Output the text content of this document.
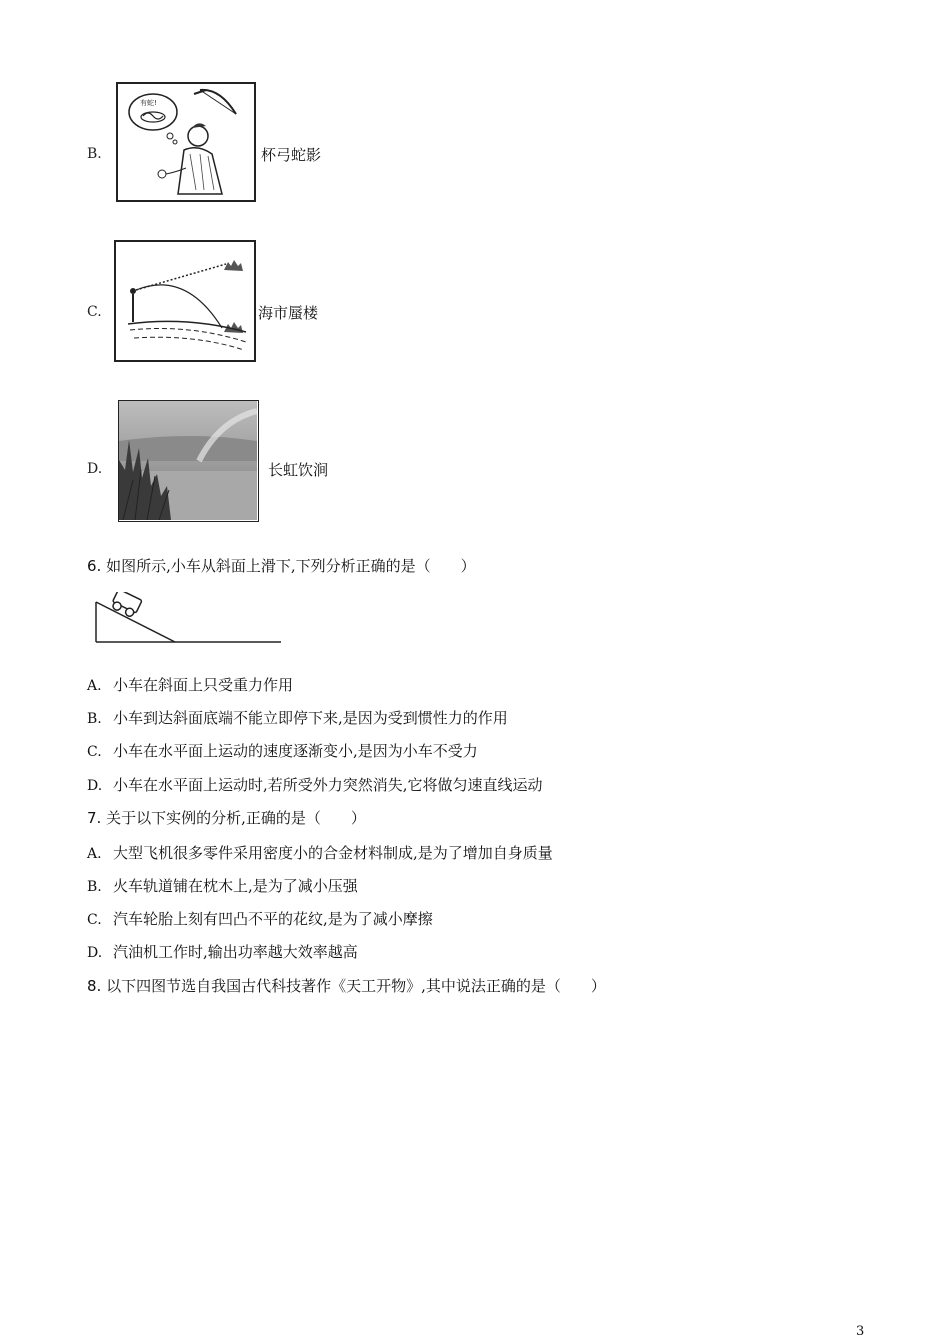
B.
有蛇!
杯弓蛇影
C.	海市蜃楼
D.	长虹饮涧
6. 如图所示,小车从斜面上滑下,下列分析正确的是（　　）
A. 小车在斜面上只受重力作用
B. 小车到达斜面底端不能立即停下来,是因为受到惯性力的作用
C. 小车在水平面上运动的速度逐渐变小,是因为小车不受力
D. 小车在水平面上运动时,若所受外力突然消失,它将做匀速直线运动
7. 关于以下实例的分析,正确的是（　　）
A. 大型飞机很多零件采用密度小的合金材料制成,是为了增加自身质量
B. 火车轨道铺在枕木上,是为了减小压强
C. 汽车轮胎上刻有凹凸不平的花纹,是为了减小摩擦
D. 汽油机工作时,输出功率越大效率越高
8. 以下四图节选自我国古代科技著作《天工开物》,其中说法正确的是（　　）
3
